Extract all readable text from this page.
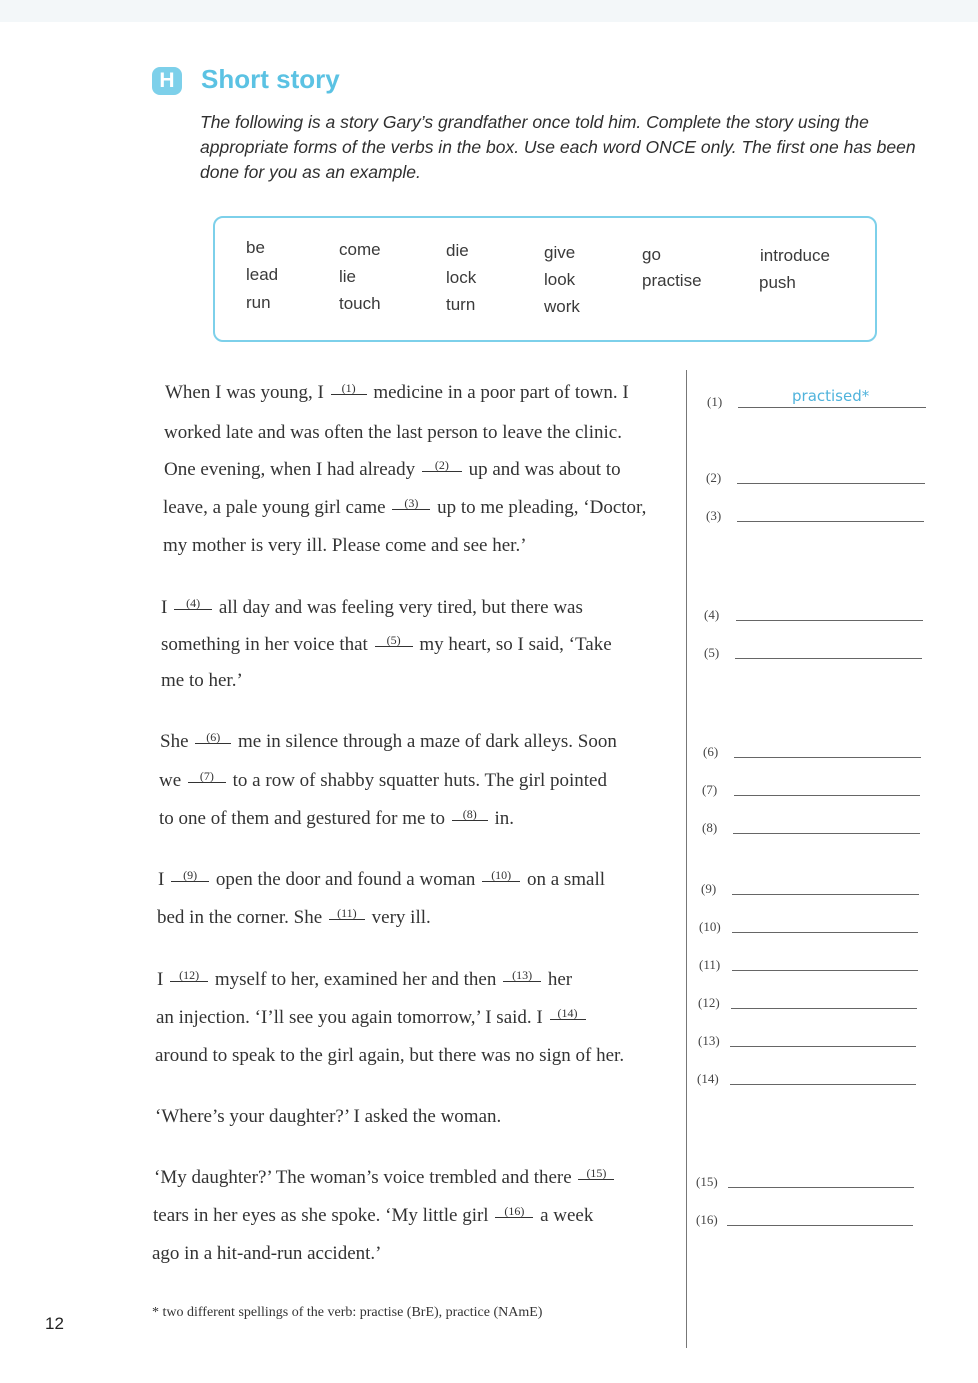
H Short story
The following is a story Gary’s grandfather once told him. Complete the story using the appropriate forms of the verbs in the box. Use each word ONCE only. The first one has been done for you as an example.
be	come	die	give	go	introduce
lead	lie	lock	look	practise	push
run	touch	turn	work
When I was young, I (1) medicine in a poor part of town. I
worked late and was often the last person to leave the clinic.
One evening, when I had already (2) up and was about to
leave, a pale young girl came (3) up to me pleading, ‘Doctor,
my mother is very ill. Please come and see her.’
I (4) all day and was feeling very tired, but there was
something in her voice that (5) my heart, so I said, ‘Take
me to her.’
She (6) me in silence through a maze of dark alleys. Soon
we (7) to a row of shabby squatter huts. The girl pointed
to one of them and gestured for me to (8) in.
I (9) open the door and found a woman (10) on a small
bed in the corner. She (11) very ill.
I (12) myself to her, examined her and then (13) her
an injection. ‘I’ll see you again tomorrow,’ I said. I (14)
around to speak to the girl again, but there was no sign of her.
‘Where’s your daughter?’ I asked the woman.
‘My daughter?’ The woman’s voice trembled and there (15)
tears in her eyes as she spoke. ‘My little girl (16) a week
ago in a hit-and-run accident.’
(1)	practised*
(2)
(3)
(4)
(5)
(6)
(7)
(8)
(9)
(10)
(11)
(12)
(13)
(14)
(15)
(16)
* two different spellings of the verb: practise (BrE), practice (NAmE)
12
